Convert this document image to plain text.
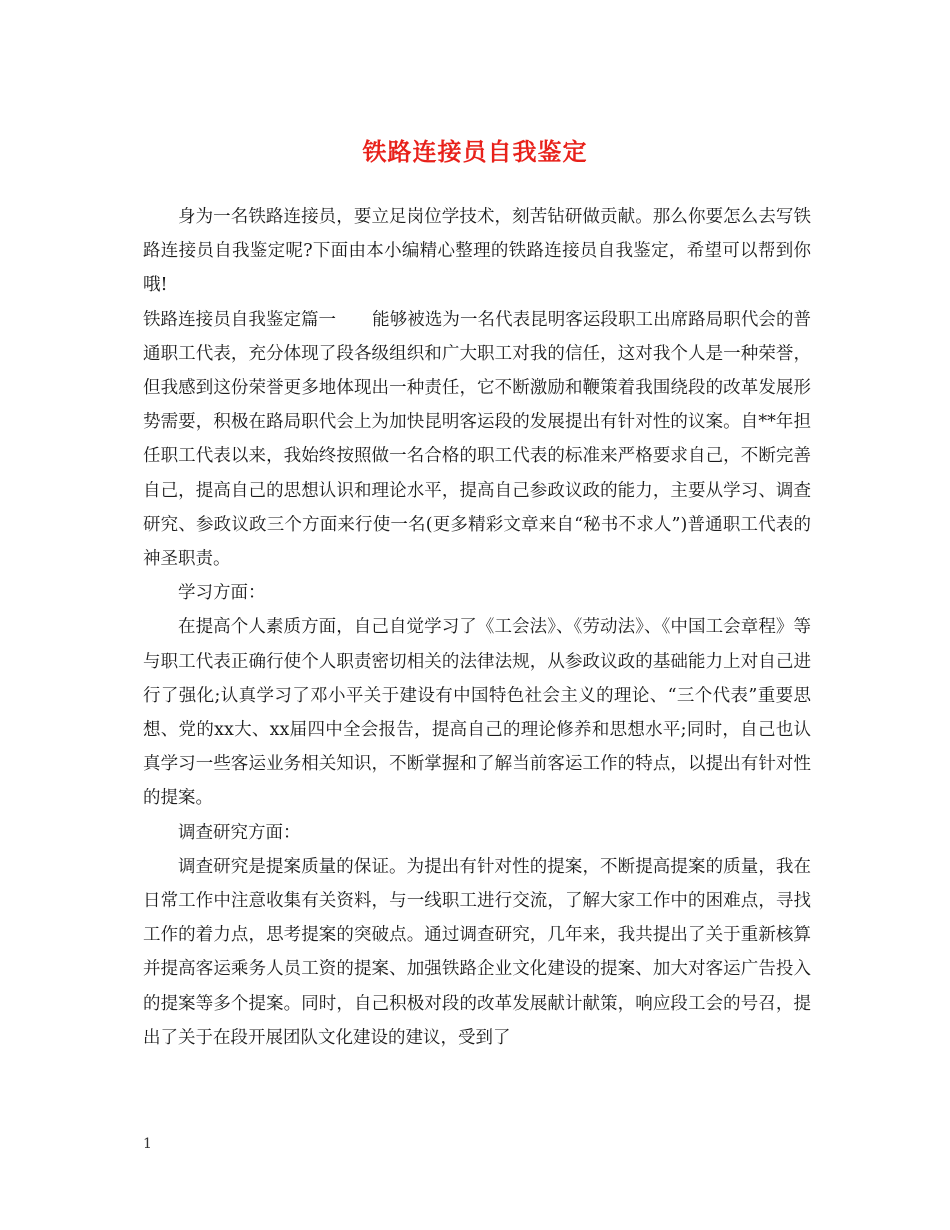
铁路连接员自我鉴定

身为一名铁路连接员，要立足岗位学技术，刻苦钻研做贡献。那么你要怎么去写铁路连接员自我鉴定呢?下面由本小编精心整理的铁路连接员自我鉴定，希望可以帮到你哦!

铁路连接员自我鉴定篇一 能够被选为一名代表昆明客运段职工出席路局职代会的普通职工代表，充分体现了段各级组织和广大职工对我的信任，这对我个人是一种荣誉，但我感到这份荣誉更多地体现出一种责任，它不断激励和鞭策着我围绕段的改革发展形势需要，积极在路局职代会上为加快昆明客运段的发展提出有针对性的议案。自**年担任职工代表以来，我始终按照做一名合格的职工代表的标准来严格要求自己，不断完善自己，提高自己的思想认识和理论水平，提高自己参政议政的能力，主要从学习、调查研究、参政议政三个方面来行使一名(更多精彩文章来自“秘书不求人”)普通职工代表的神圣职责。

学习方面：

在提高个人素质方面，自己自觉学习了《工会法》、《劳动法》、《中国工会章程》等与职工代表正确行使个人职责密切相关的法律法规，从参政议政的基础能力上对自己进行了强化;认真学习了邓小平关于建设有中国特色社会主义的理论、“三个代表”重要思想、党的xx大、xx届四中全会报告，提高自己的理论修养和思想水平;同时，自己也认真学习一些客运业务相关知识，不断掌握和了解当前客运工作的特点，以提出有针对性的提案。

调查研究方面：

调查研究是提案质量的保证。为提出有针对性的提案，不断提高提案的质量，我在日常工作中注意收集有关资料，与一线职工进行交流，了解大家工作中的困难点，寻找工作的着力点，思考提案的突破点。通过调查研究，几年来，我共提出了关于重新核算并提高客运乘务人员工资的提案、加强铁路企业文化建设的提案、加大对客运广告投入的提案等多个提案。同时，自己积极对段的改革发展献计献策，响应段工会的号召，提出了关于在段开展团队文化建设的建议，受到了

1
